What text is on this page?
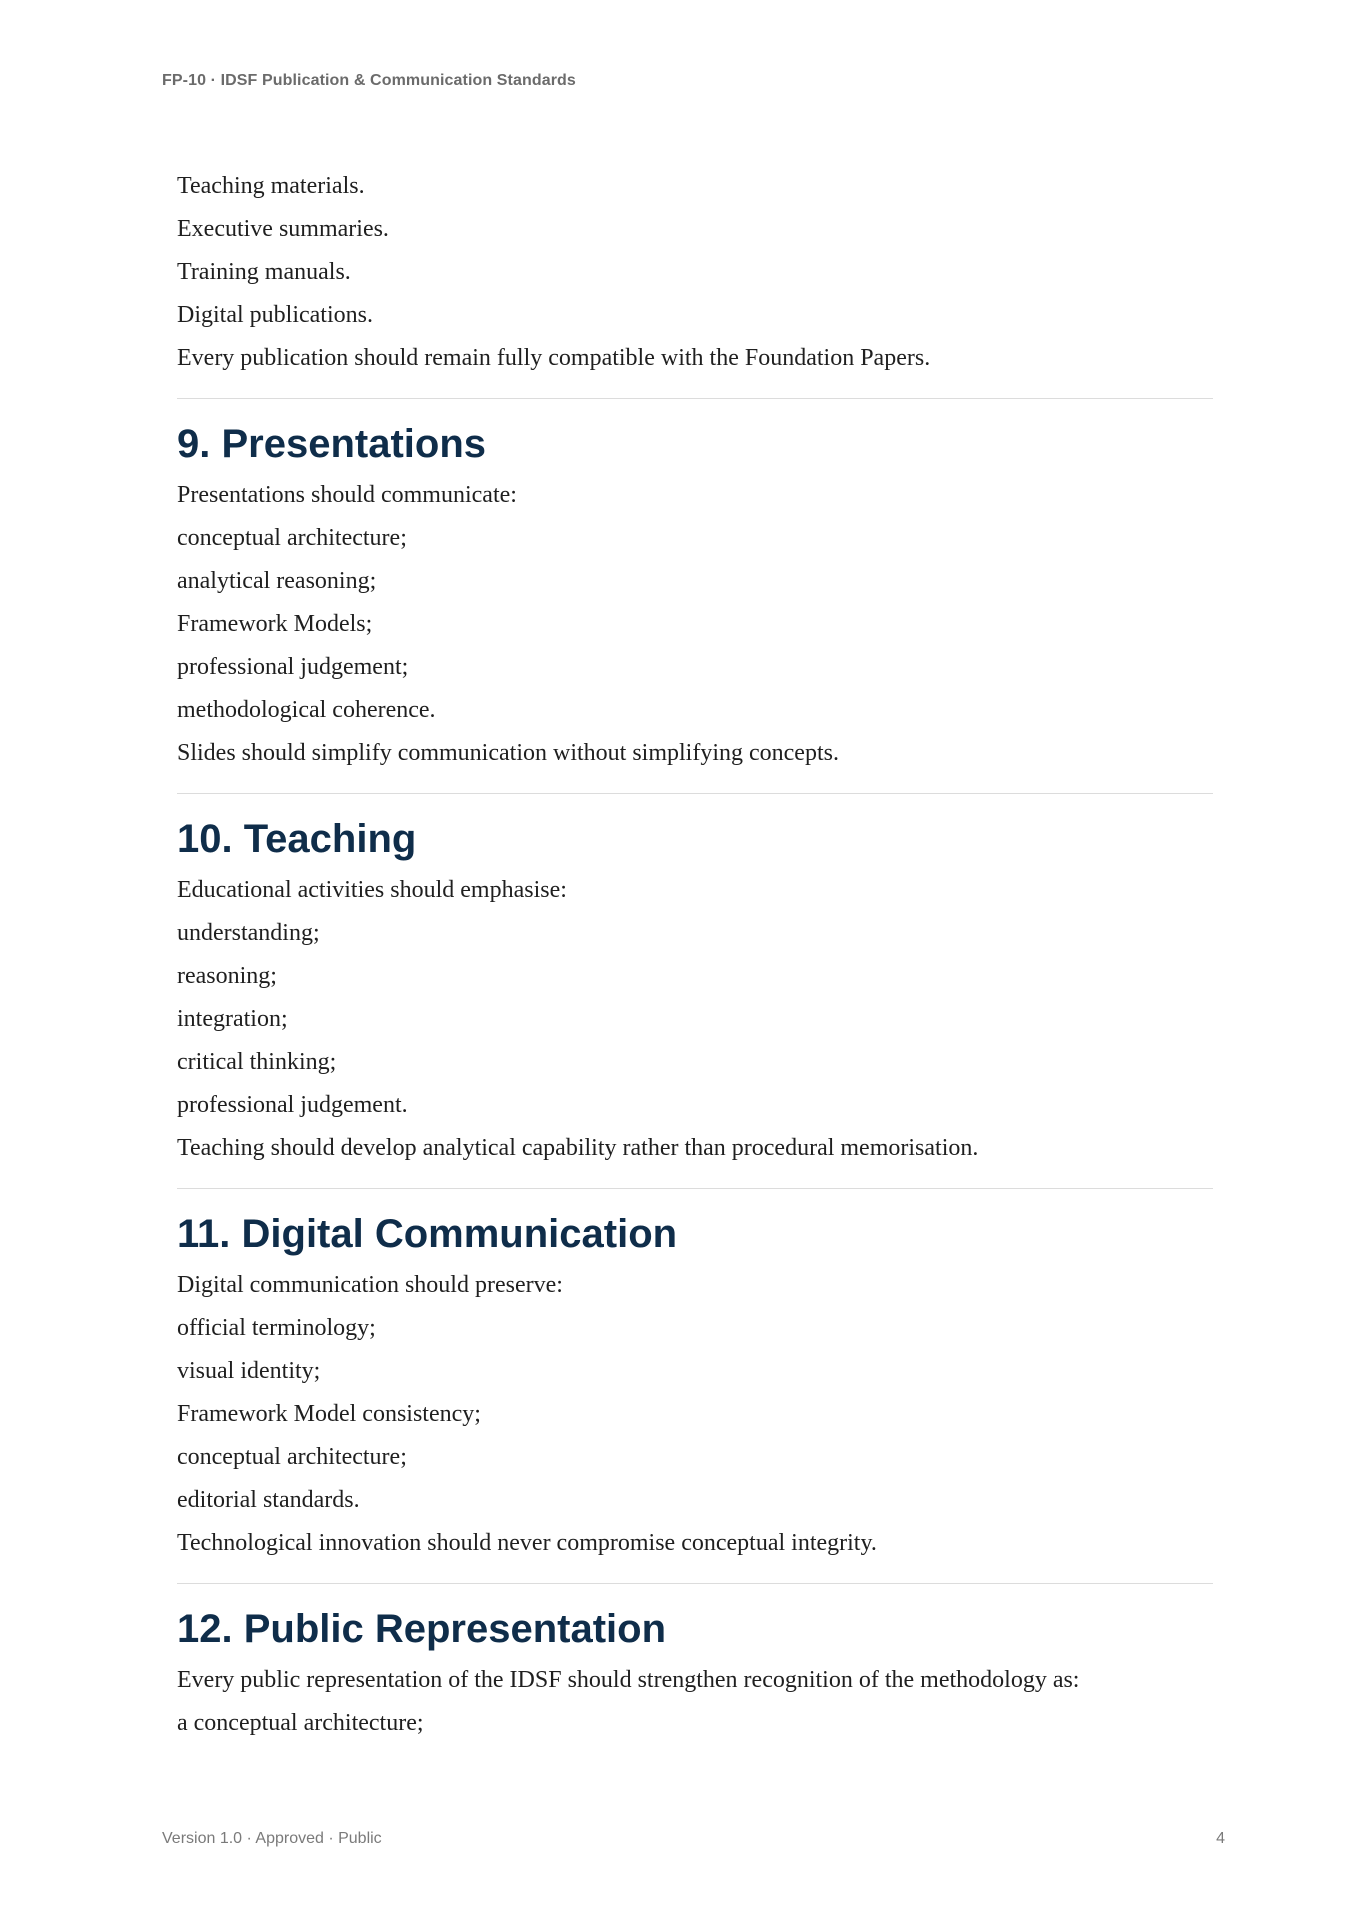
FP-10 · IDSF Publication & Communication Standards

Teaching materials.

Executive summaries.

Training manuals.

Digital publications.

Every publication should remain fully compatible with the Foundation Papers.

9. Presentations

Presentations should communicate:

conceptual architecture;

analytical reasoning;

Framework Models;

professional judgement;

methodological coherence.

Slides should simplify communication without simplifying concepts.

10. Teaching

Educational activities should emphasise:

understanding;

reasoning;

integration;

critical thinking;

professional judgement.

Teaching should develop analytical capability rather than procedural memorisation.

11. Digital Communication

Digital communication should preserve:

official terminology;

visual identity;

Framework Model consistency;

conceptual architecture;

editorial standards.

Technological innovation should never compromise conceptual integrity.

12. Public Representation

Every public representation of the IDSF should strengthen recognition of the methodology as:

a conceptual architecture;

Version 1.0 · Approved · Public	4
